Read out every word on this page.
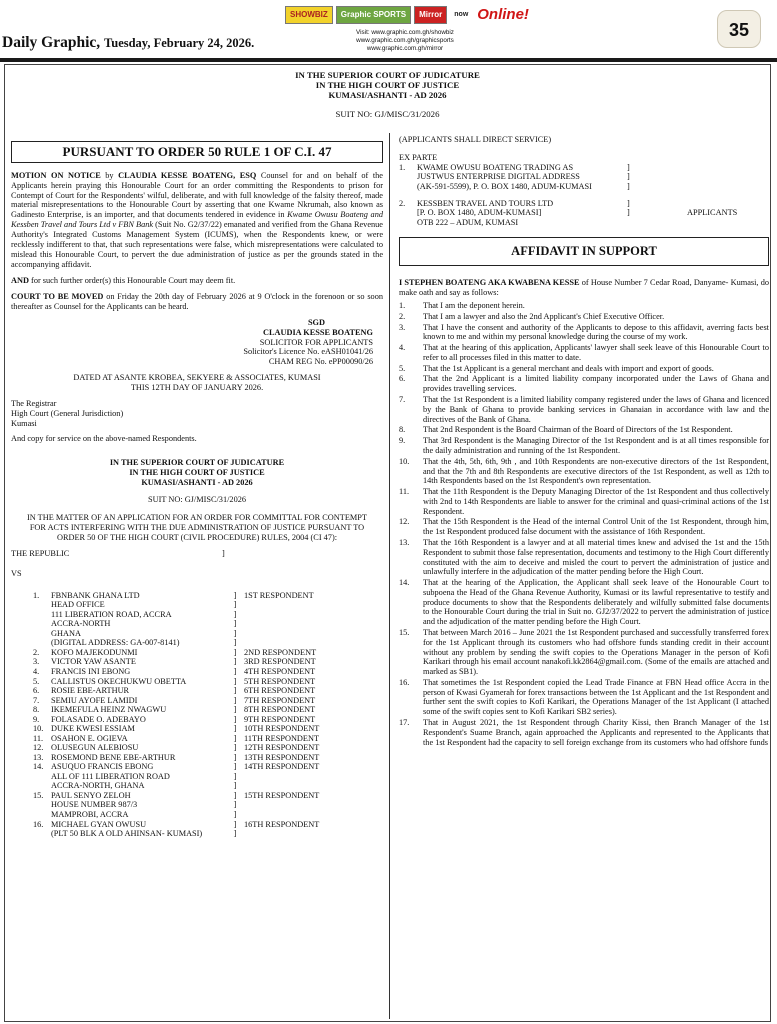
SHOWBIZ	Graphic SPORTS	Mirror	now Online!
Visit: www.graphic.com.gh/showbiz
www.graphic.com.gh/graphicsports
www.graphic.com.gh/mirror
Daily Graphic, Tuesday, February 24, 2026.
35
IN THE SUPERIOR COURT OF JUDICATURE
IN THE HIGH COURT OF JUSTICE
KUMASI/ASHANTI - AD 2026
SUIT NO: GJ/MISC/31/2026
PURSUANT TO ORDER 50 RULE 1 OF C.I. 47

MOTION ON NOTICE by CLAUDIA KESSE BOATENG, ESQ Counsel for and on behalf of the Applicants herein praying this Honourable Court for an order committing the Respondents to prison for Contempt of Court for the Respondents' wilful, deliberate, and with full knowledge of the falsity thereof, made material misrepresentations to the Honourable Court by asserting that one Kwame Nkrumah, also known as Gadinesto Enterprise, is an importer, and that documents tendered in evidence in Kwame Owusu Boateng and Kessben Travel and Tours Ltd v FBN Bank (Suit No. G2/37/22) emanated and verified from the Ghana Revenue Authority's Integrated Customs Management System (ICUMS), when the Respondents knew, or were recklessly indifferent to that, that such representations were false, which misrepresentations were calculated to mislead this Honourable Court, to pervert the due administration of justice as per the grounds stated in the accompanying affidavit.

AND for such further order(s) this Honourable Court may deem fit.

COURT TO BE MOVED on Friday the 20th day of February 2026 at 9 O'clock in the forenoon or so soon thereafter as Counsel for the Applicants can be heard.

SGD
CLAUDIA KESSE BOATENG
SOLICITOR FOR APPLICANTS
Solicitor's Licence No. eASH01041/26
CHAM REG No. ePP00090/26
DATED AT ASANTE KROBEA, SEKYERE & ASSOCIATES, KUMASI
THIS 12TH DAY OF JANUARY 2026.
The Registrar
High Court (General Jurisdiction)
Kumasi

And copy for service on the above-named Respondents.

IN THE SUPERIOR COURT OF JUDICATURE
IN THE HIGH COURT OF JUSTICE
KUMASI/ASHANTI - AD 2026
SUIT NO: GJ/MISC/31/2026

IN THE MATTER OF AN APPLICATION FOR AN ORDER FOR COMMITTAL FOR CONTEMPT FOR ACTS INTERFERING WITH THE DUE ADMINISTRATION OF JUSTICE PURSUANT TO ORDER 50 OF THE HIGH COURT (CIVIL PROCEDURE) RULES, 2004 (CI 47):

THE REPUBLIC	]
VS
1.	FBNBANK GHANA LTD	] 1ST RESPONDENT
HEAD OFFICE	]
111 LIBERATION ROAD, ACCRA	]
ACCRA-NORTH	]
GHANA	]
(DIGITAL ADDRESS: GA-007-8141)	]
2.	KOFO MAJEKODUNMI	] 2ND RESPONDENT
3.	VICTOR YAW ASANTE	] 3RD RESPONDENT
4.	FRANCIS INI EBONG	] 4TH RESPONDENT
5.	CALLISTUS OKECHUKWU OBETTA	] 5TH RESPONDENT
6.	ROSIE EBE-ARTHUR	] 6TH RESPONDENT
7.	SEMIU AYOFE LAMIDI	] 7TH RESPONDENT
8.	IKEMEFULA HEINZ NWAGWU	] 8TH RESPONDENT
9.	FOLASADE O. ADEBAYO	] 9TH RESPONDENT
10. DUKE KWESI ESSIAM	] 10TH RESPONDENT
11. OSAHON E. OGIEVA	] 11TH RESPONDENT
12. OLUSEGUN ALEBIOSU	] 12TH RESPONDENT
13. ROSEMOND BENE EBE-ARTHUR	] 13TH RESPONDENT
14. ASUQUO FRANCIS EBONG	] 14TH RESPONDENT
ALL OF 111 LIBERATION ROAD	]
ACCRA-NORTH, GHANA	]
15. PAUL SENYO ZELOH	] 15TH RESPONDENT
HOUSE NUMBER 987/3	]
MAMPROBI, ACCRA	]
16. MICHAEL GYAN OWUSU	] 16TH RESPONDENT
(PLT 50 BLK A OLD AHINSAN- KUMASI)	]

(APPLICANTS SHALL DIRECT SERVICE)

EX PARTE
1.	KWAME OWUSU BOATENG TRADING AS	]
JUSTWUS ENTERPRISE DIGITAL ADDRESS	]
(AK-591-5599), P. O. BOX 1480, ADUM-KUMASI	]
2.	KESSBEN TRAVEL AND TOURS LTD	]
[P. O. BOX 1480, ADUM-KUMASI]	]	APPLICANTS
OTB 222 – ADUM, KUMASI
AFFIDAVIT IN SUPPORT

I STEPHEN BOATENG AKA KWABENA KESSE of House Number 7 Cedar Road, Danyame- Kumasi, do make oath and say as follows:

1.	That I am the deponent herein.
2.	That I am a lawyer and also the 2nd Applicant's Chief Executive Officer.
3.	That I have the consent and authority of the Applicants to depose to this affidavit, averring facts best known to me and within my personal knowledge during the course of my work.
4.	That at the hearing of this application, Applicants' lawyer shall seek leave of this Honourable Court to refer to all processes filed in this matter to date.
5.	That the 1st Applicant is a general merchant and deals with import and export of goods.
6.	That the 2nd Applicant is a limited liability company incorporated under the Laws of Ghana and provides travelling services.
7.	That the 1st Respondent is a limited liability company registered under the laws of Ghana and licenced by the Bank of Ghana to provide banking services in Ghanaian in accordance with law and the directives of the Bank of Ghana.
8.	That 2nd Respondent is the Board Chairman of the Board of Directors of the 1st Respondent.
9.	That 3rd Respondent is the Managing Director of the 1st Respondent and is at all times responsible for the daily administration and running of the 1st Respondent.
10.	That the 4th, 5th, 6th, 9th , and 10th Respondents are non-executive directors of the 1st Respondent, and that the 7th and 8th Respondents are executive directors of the 1st Respondent, as well as 12th to 14th Respondents based on the 1st Respondent's own representation.
11.	That the 11th Respondent is the Deputy Managing Director of the 1st Respondent and thus collectively with 2nd to 14th Respondents are liable to answer for the criminal and quasi-criminal actions of the 1st Respondent.
12.	That the 15th Respondent is the Head of the internal Control Unit of the 1st Respondent, through him, the 1st Respondent produced false document with the assistance of 16th Respondent.
13.	That the 16th Respondent is a lawyer and at all material times knew and advised the 1st and the 15th Respondent to submit those false representation, documents and testimony to the High Court differently constituted with the aim to deceive and misled the court to pervert the administration of justice and unlawfully interfere in the adjudication of the matter pending before the High Court.
14.	That at the hearing of the Application, the Applicant shall seek leave of the Honourable Court to subpoena the Head of the Ghana Revenue Authority, Kumasi or its lawful representative to testify and produce documents to show that the Respondents deliberately and wilfully submitted false documents to the Honourable Court during the trial in Suit no. GJ2/37/2022 to pervert the administration of justice and the adjudication of the matter pending before the High Court.
15.	That between March 2016 – June 2021 the 1st Respondent purchased and successfully transferred forex for the 1st Applicant through its customers who had offshore funds standing credit in their account without any problem by sending the swift copies to the Operations Manager in the person of Kofi Karikari through his email account nanakofi.kk2864@gmail.com. (Some of the emails are attached and marked as SB1).
16.	That sometimes the 1st Respondent copied the Lead Trade Finance at FBN Head office Accra in the person of Kwasi Gyamerah for forex transactions between the 1st Applicant and the 1st Respondent and further sent the swift copies to Kofi Karikari, the Operations Manager of the 1st Applicant (I attached some of the swift copies sent to Kofi Karikari SB2 series).
17.	That in August 2021, the 1st Respondent through Charity Kissi, then Branch Manager of the 1st Respondent's Suame Branch, again approached the Applicants and represented to the Applicants that the 1st Respondent had the capacity to sell foreign exchange from its customers who had offshore funds
